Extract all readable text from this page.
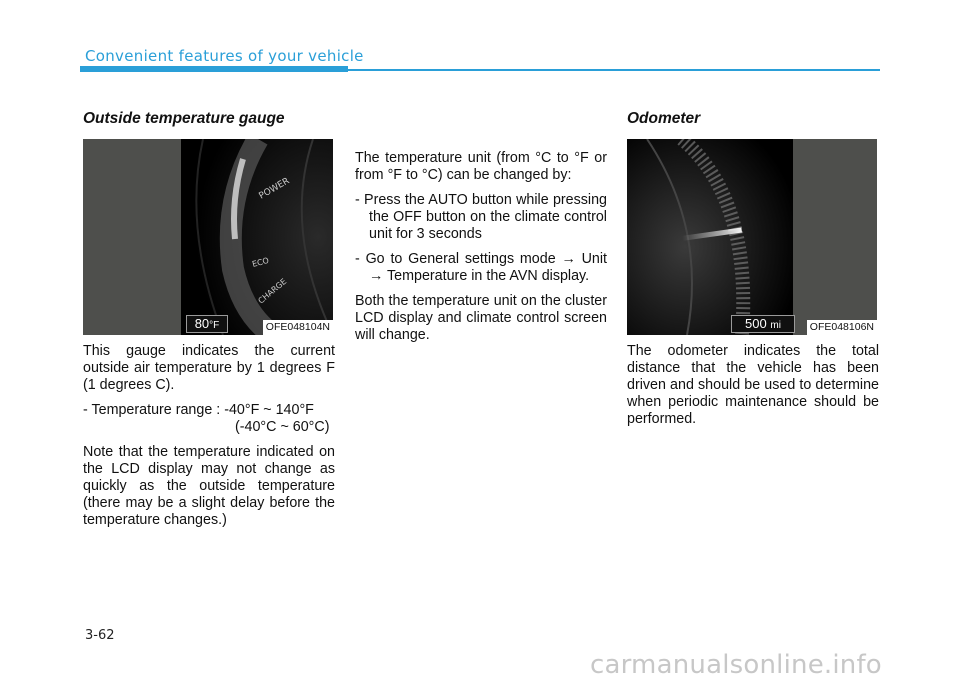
Convenient features of your vehicle
Outside temperature gauge
POWER
ECO
CHARGE
80°F	OFE048104N

This gauge indicates the current outside air temperature by 1 degrees F (1 degrees C).

- Temperature range : -40°F ~ 140°F
(-40°C ~ 60°C)

Note that the temperature indicated on the LCD display may not change as quickly as the outside temperature (there may be a slight delay before the temperature changes.)

The temperature unit (from °C to °F or from °F to °C) can be changed by:

- Press the AUTO button while pressing the OFF button on the climate control unit for 3 seconds
- Go to General settings mode → Unit → Temperature in the AVN display.

Both the temperature unit on the cluster LCD display and climate control screen will change.

Odometer
500 mi	OFE048106N

The odometer indicates the total distance that the vehicle has been driven and should be used to determine when periodic maintenance should be performed.

3-62
carmanualsonline.info
